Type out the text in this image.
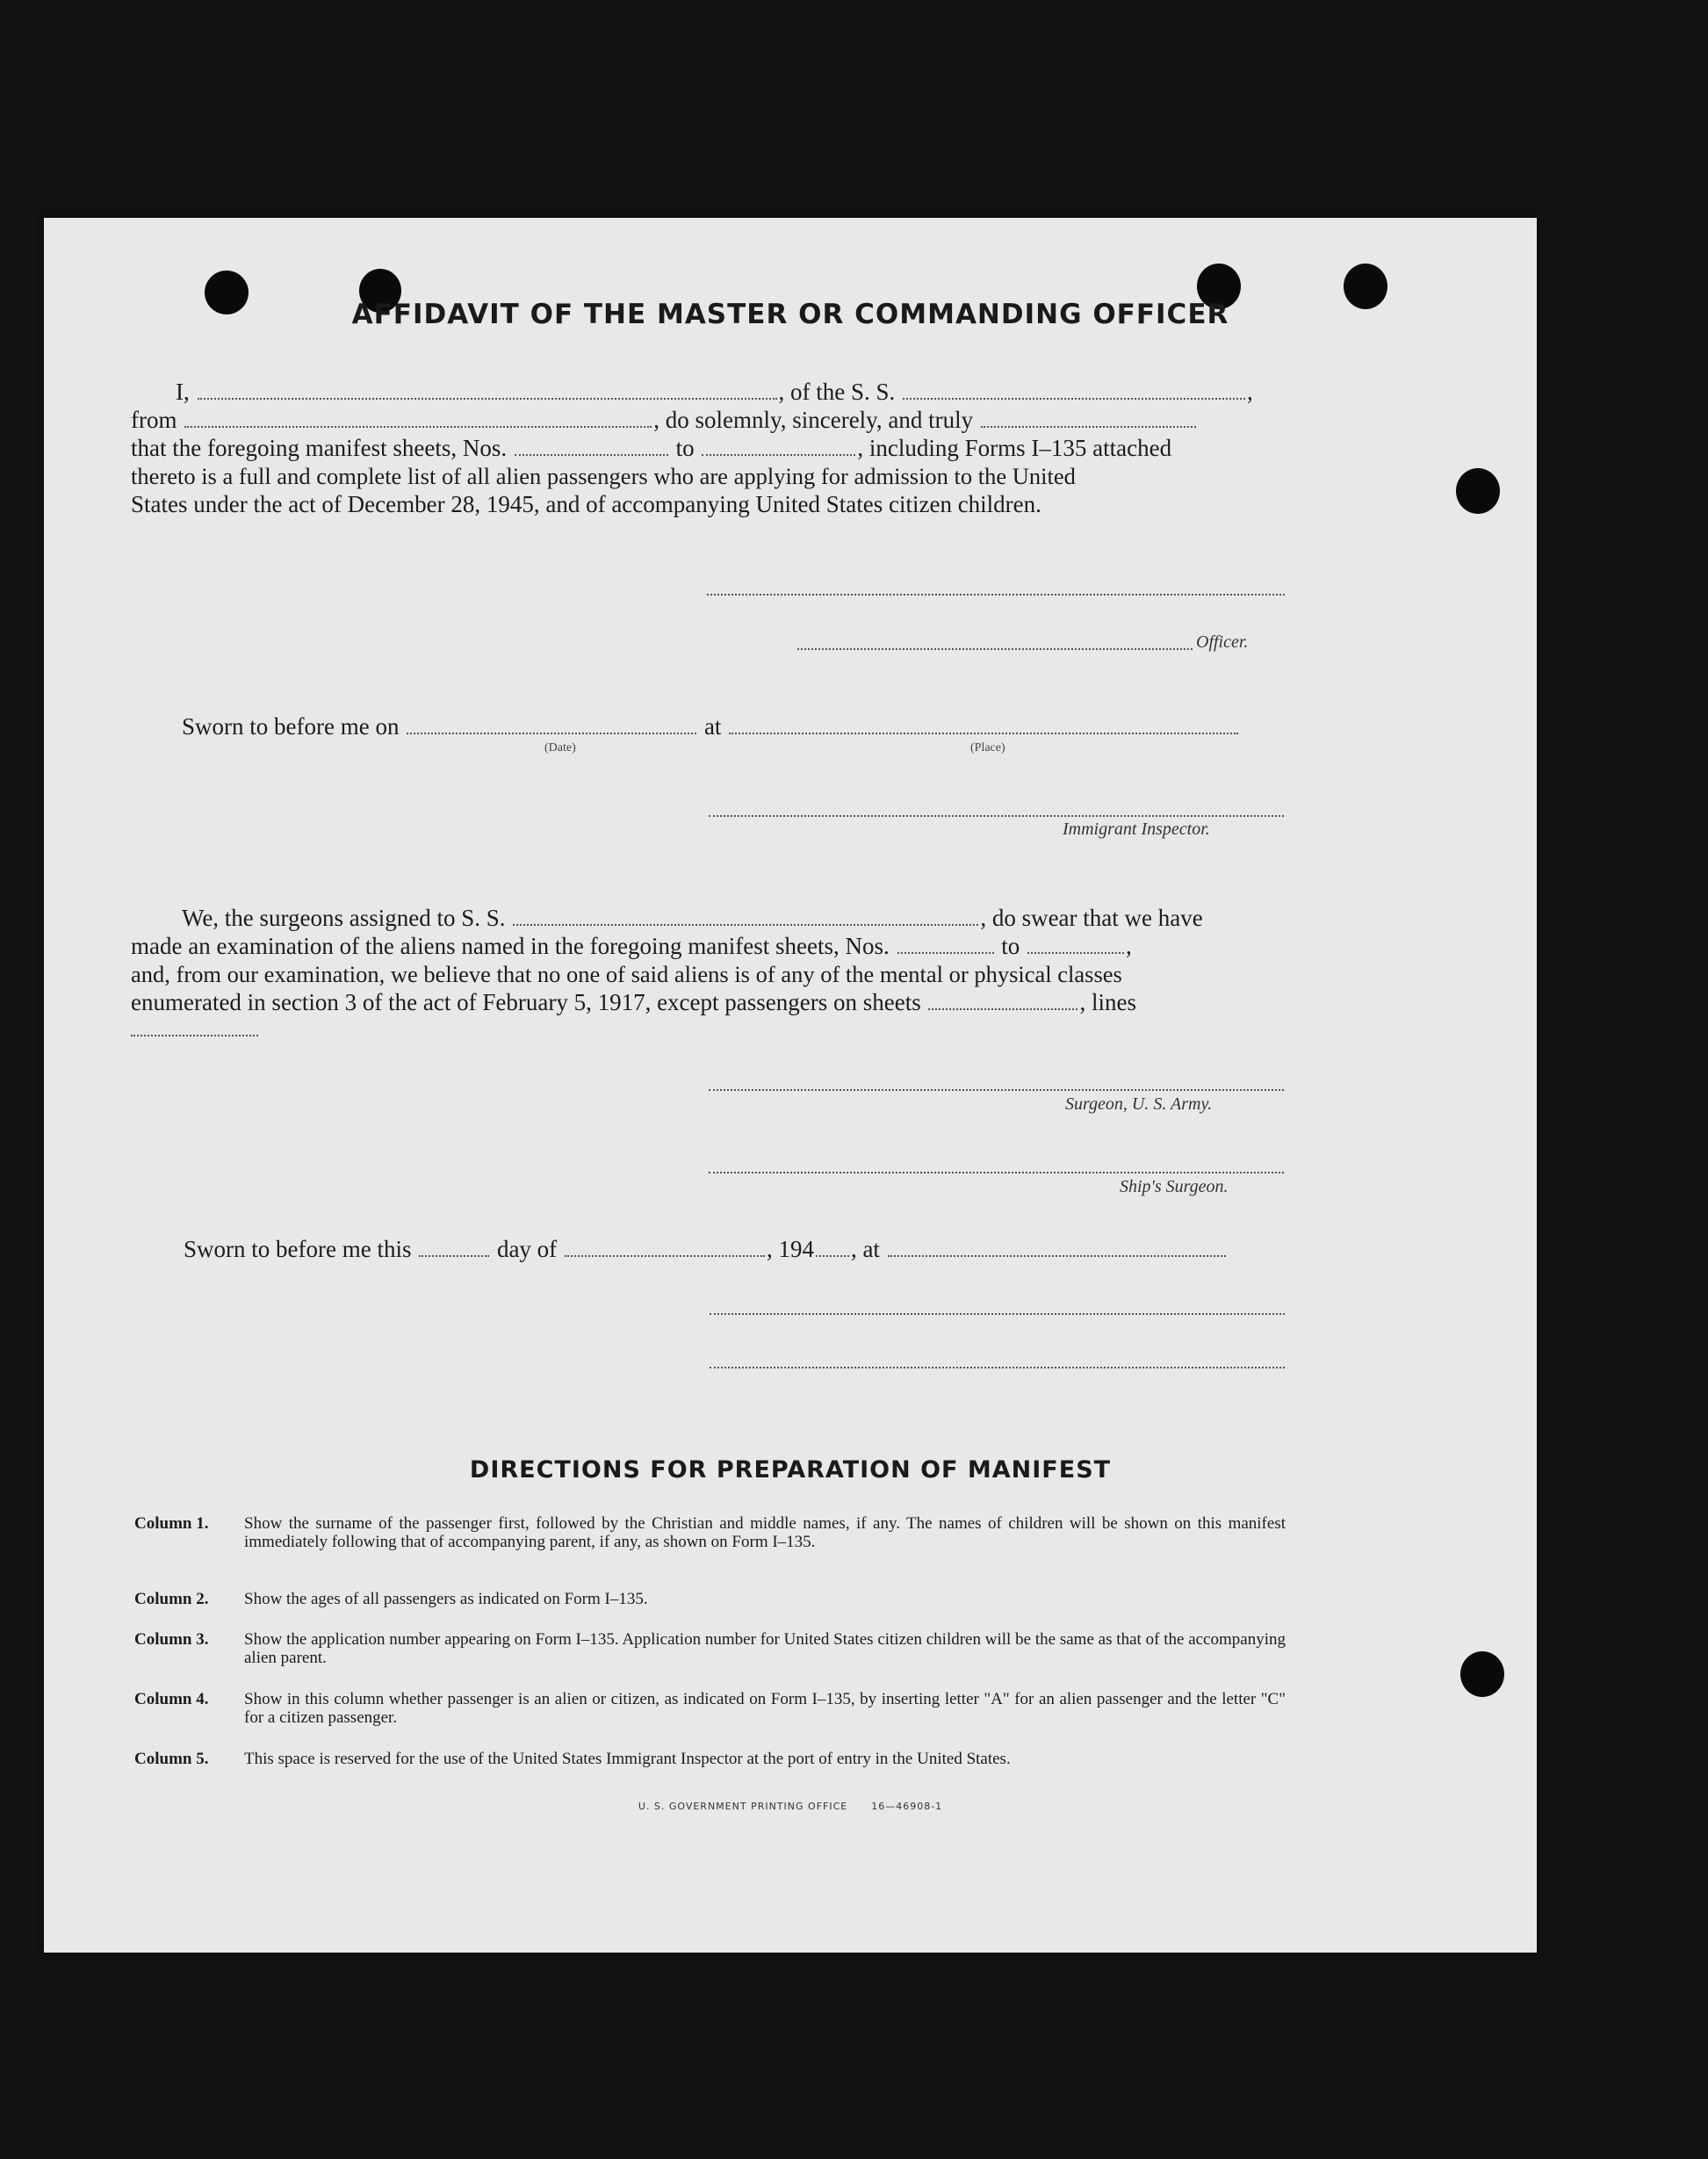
AFFIDAVIT OF THE MASTER OR COMMANDING OFFICER
I,	, of the S. S.	,
from	, do solemnly, sincerely, and truly
that the foregoing manifest sheets, Nos.	to	, including Forms I–135 attached
thereto is a full and complete list of all alien passengers who are applying for admission to the United
States under the act of December 28, 1945, and of accompanying United States citizen children.
Officer.
Sworn to before me on	at
(Date)	(Place)
Immigrant Inspector.
We, the surgeons assigned to S. S.	, do swear that we have
made an examination of the aliens named in the foregoing manifest sheets, Nos.	to	,
and, from our examination, we believe that no one of said aliens is of any of the mental or physical classes
enumerated in section 3 of the act of February 5, 1917, except passengers on sheets	, lines
Surgeon, U. S. Army.
Ship's Surgeon.
Sworn to before me this	day of	, 194 , at
DIRECTIONS FOR PREPARATION OF MANIFEST
Column 1. Show the surname of the passenger first, followed by the Christian and middle names, if any. The names of children will be shown on this manifest immediately following that of accompanying parent, if any, as shown on Form I–135.
Column 2. Show the ages of all passengers as indicated on Form I–135.
Column 3. Show the application number appearing on Form I–135. Application number for United States citizen children will be the same as that of the accompanying alien parent.
Column 4. Show in this column whether passenger is an alien or citizen, as indicated on Form I–135, by inserting letter "A" for an alien passenger and the letter "C" for a citizen passenger.
Column 5. This space is reserved for the use of the United States Immigrant Inspector at the port of entry in the United States.
U. S. GOVERNMENT PRINTING OFFICE 16—46908-1
